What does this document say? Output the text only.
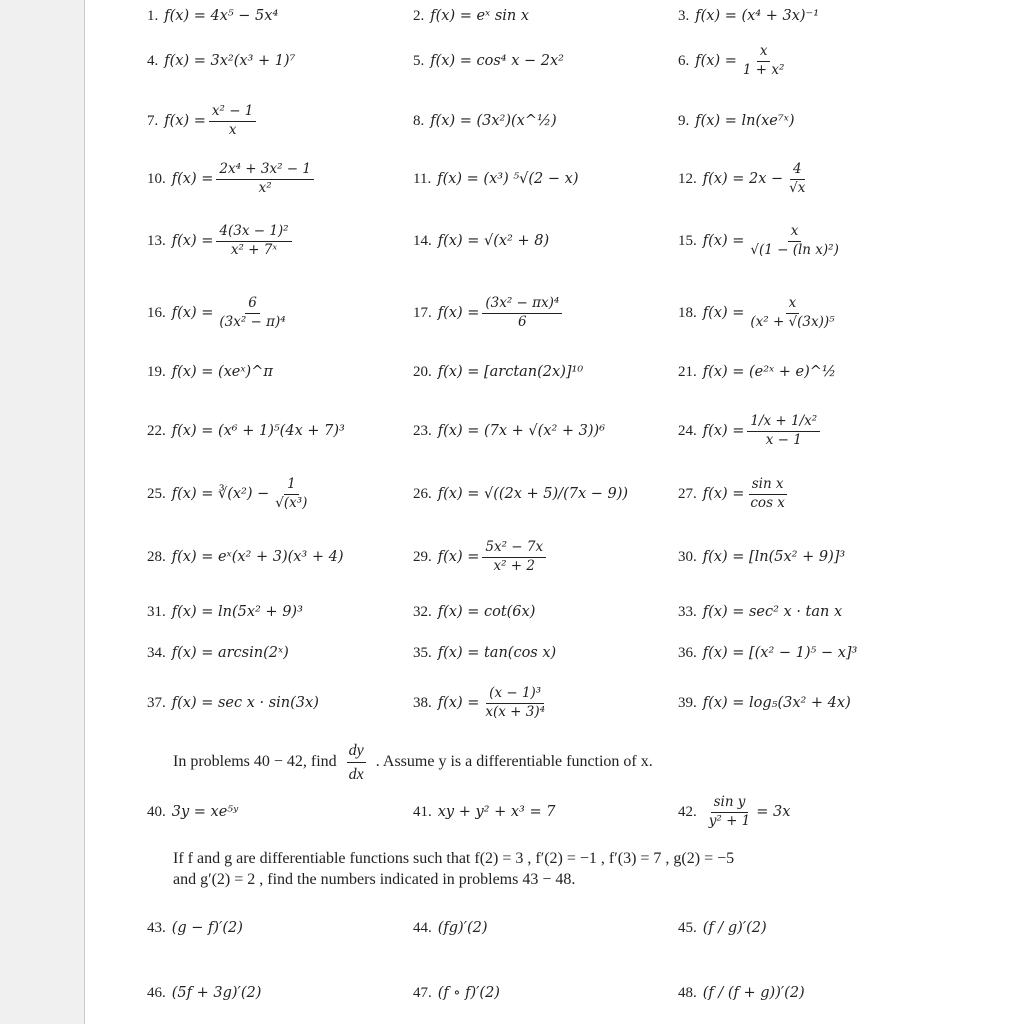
1. f(x) = 4x⁵ − 5x⁴	2. f(x) = eˣ sin x	3. f(x) = (x⁴ + 3x)⁻¹
4. f(x) = 3x²(x³ + 1)⁷	5. f(x) = cos⁴ x − 2x²	6. $f(x) = \frac{x}{\text{1 + x²}}$
7. $f(x) = \frac{\text{x² − 1}}{x}$	8. f(x) = (3x²)(x^½)	9. f(x) = ln(xe⁷ˣ)
10. $f(x) = \frac{\text{2x⁴ + 3x² − 1}}{\text{x²}}$	11. f(x) = (x³) ⁵√(2 − x)	12. $f(x) = 2x - \frac{4}{√x}$
13. $f(x) = \frac{\text{4(3x − 1)²}}{\text{x² + 7ˣ}}$	14. f(x) = √(x² + 8)	15. $f(x) = \frac{x}{\text{√(1 − (ln x)²)}}$
16. $f(x) = \frac{6}{\text{(3x² − π)⁴}}$	17. $f(x) = \frac{\text{(3x² − πx)⁴}}{6}$	18. $f(x) = \frac{x}{\text{(x² + √(3x))⁵}}$
19. f(x) = (xeˣ)^π	20. f(x) = [arctan(2x)]¹⁰	21. f(x) = (e²ˣ + e)^½
22. f(x) = (x⁶ + 1)⁵(4x + 7)³	23. f(x) = (7x + √(x² + 3))⁶	24. $f(x) = \frac{\text{1/x + 1/x²}}{x - 1}$
25. f(x) = ∛(x²) − $\frac{1}{\text{√(x³)}}$	26. f(x) = √((2x + 5)/(7x − 9))	27. $f(x) = \frac{\text{sin x}}{\text{cos x}}$
28. f(x) = eˣ(x² + 3)(x³ + 4)	29. $f(x) = \frac{\text{5x² − 7x}}{\text{x² + 2}}$	30. f(x) = [ln(5x² + 9)]³
31. f(x) = ln(5x² + 9)³	32. f(x) = cot(6x)	33. f(x) = sec² x · tan x
34. f(x) = arcsin(2ˣ)	35. f(x) = tan(cos x)	36. f(x) = [(x² − 1)⁵ − x]³
37. f(x) = sec x · sin(3x)	38. $f(x) = \frac{\text{(x − 1)³}}{\text{x(x + 3)⁴}}$	39. f(x) = log₅(3x² + 4x)
40. 3y = xe⁵ʸ	41. xy + y² + x³ = 7	42. $\frac{\text{sin y}}{\text{y² + 1}} = 3x$
43. (g − f)′(2)	44. (fg)′(2)	45. (f / g)′(2)
46. (5f + 3g)′(2)	47. (f ∘ f)′(2)	48. (f / (f + g))′(2)
In problems 40 − 42, find $\frac{dy}{dx}$ . Assume y is a differentiable function of x.
If f and g are differentiable functions such that f(2) = 3 , f′(2) = −1 , f′(3) = 7 , g(2) = −5
and g′(2) = 2 , find the numbers indicated in problems 43 − 48.
